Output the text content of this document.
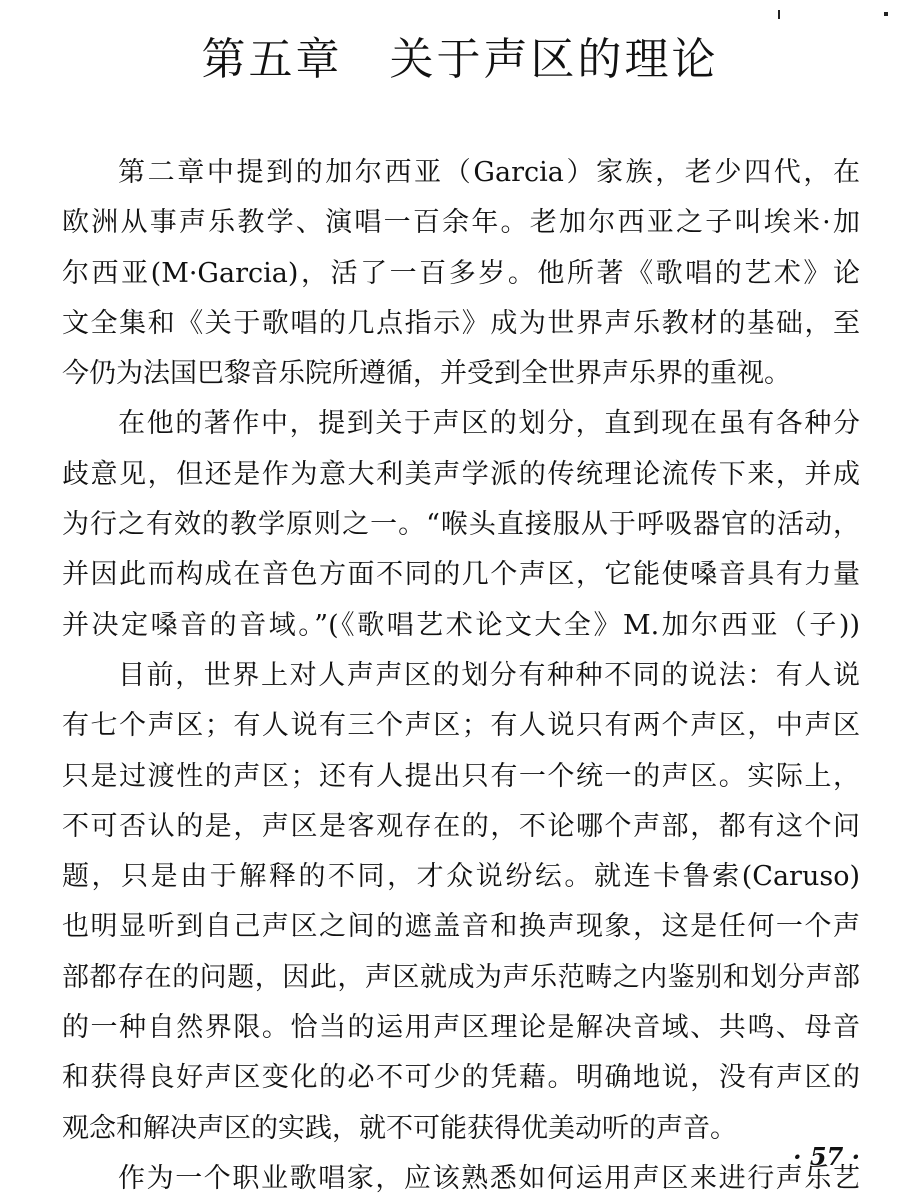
第五章　关于声区的理论
第二章中提到的加尔西亚（Garcia）家族，老少四代，在
欧洲从事声乐教学、演唱一百余年。老加尔西亚之子叫埃米·加
尔西亚(M·Garcia)，活了一百多岁。他所著《歌唱的艺术》论
文全集和《关于歌唱的几点指示》成为世界声乐教材的基础，至
今仍为法国巴黎音乐院所遵循，并受到全世界声乐界的重视。
在他的著作中，提到关于声区的划分，直到现在虽有各种分
歧意见，但还是作为意大利美声学派的传统理论流传下来，并成
为行之有效的教学原则之一。“喉头直接服从于呼吸器官的活动，
并因此而构成在音色方面不同的几个声区，它能使嗓音具有力量
并决定嗓音的音域。”(《歌唱艺术论文大全》M.加尔西亚（子))
目前，世界上对人声声区的划分有种种不同的说法：有人说
有七个声区；有人说有三个声区；有人说只有两个声区，中声区
只是过渡性的声区；还有人提出只有一个统一的声区。实际上，
不可否认的是，声区是客观存在的，不论哪个声部，都有这个问
题，只是由于解释的不同，才众说纷纭。就连卡鲁索(Caruso)
也明显听到自己声区之间的遮盖音和换声现象，这是任何一个声
部都存在的问题，因此，声区就成为声乐范畴之内鉴别和划分声部
的一种自然界限。恰当的运用声区理论是解决音域、共鸣、母音
和获得良好声区变化的必不可少的凭藉。明确地说，没有声区的
观念和解决声区的实践，就不可能获得优美动听的声音。
作为一个职业歌唱家，应该熟悉如何运用声区来进行声乐艺
· 57 ·
